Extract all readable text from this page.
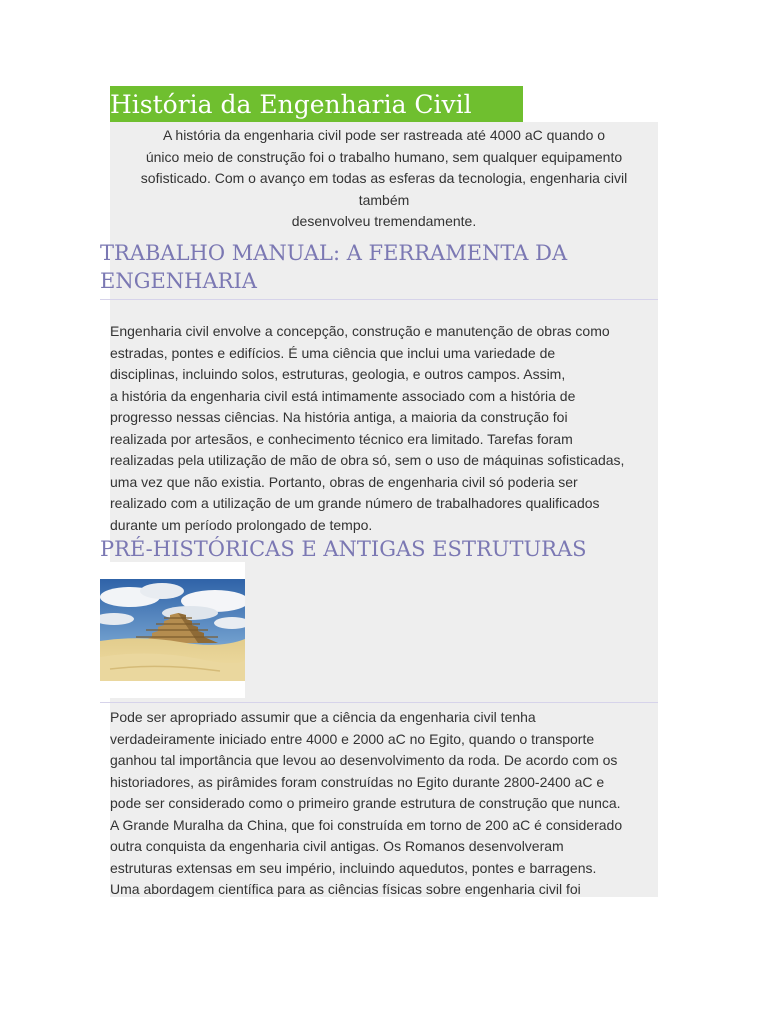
História da Engenharia Civil
A história da engenharia civil pode ser rastreada até 4000 aC quando o
único meio de construção foi o trabalho humano, sem qualquer equipamento
sofisticado. Com o avanço em todas as esferas da tecnologia, engenharia civil
também
desenvolveu tremendamente.
TRABALHO MANUAL: A FERRAMENTA DA
ENGENHARIA
Engenharia civil envolve a concepção, construção e manutenção de obras como
estradas, pontes e edifícios. É uma ciência que inclui uma variedade de
disciplinas, incluindo solos, estruturas, geologia, e outros campos. Assim,
a história da engenharia civil está intimamente associado com a história de
progresso nessas ciências. Na história antiga, a maioria da construção foi
realizada por artesãos, e conhecimento técnico era limitado. Tarefas foram
realizadas pela utilização de mão de obra só, sem o uso de máquinas sofisticadas,
uma vez que não existia. Portanto, obras de engenharia civil só poderia ser
realizado com a utilização de um grande número de trabalhadores qualificados
durante um período prolongado de tempo.
PRÉ-HISTÓRICAS E ANTIGAS ESTRUTURAS
Pode ser apropriado assumir que a ciência da engenharia civil tenha
verdadeiramente iniciado entre 4000 e 2000 aC no Egito, quando o transporte
ganhou tal importância que levou ao desenvolvimento da roda. De acordo com os
historiadores, as pirâmides foram construídas no Egito durante 2800-2400 aC e
pode ser considerado como o primeiro grande estrutura de construção que nunca.
A Grande Muralha da China, que foi construída em torno de 200 aC é considerado
outra conquista da engenharia civil antigas. Os Romanos desenvolveram
estruturas extensas em seu império, incluindo aquedutos, pontes e barragens.
Uma abordagem científica para as ciências físicas sobre engenharia civil foi
